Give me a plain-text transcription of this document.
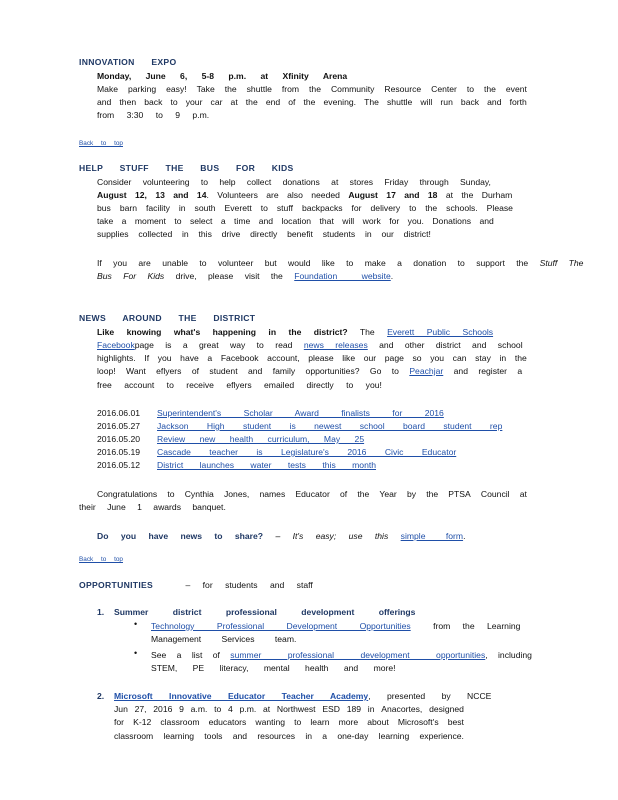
INNOVATION EXPO
Monday, June 6, 5-8 p.m. at Xfinity Arena
Make parking easy! Take the shuttle from the Community Resource Center to the event
and then back to your car at the end of the evening. The shuttle will run back and forth
from 3:30 to 9 p.m.
Back to top
HELP STUFF THE BUS FOR KIDS
Consider volunteering to help collect donations at stores Friday through Sunday,
August 12, 13 and 14. Volunteers are also needed August 17 and 18 at the Durham
bus barn facility in south Everett to stuff backpacks for delivery to the schools. Please
take a moment to select a time and location that will work for you. Donations and
supplies collected in this drive directly benefit students in our district!
If you are unable to volunteer but would like to make a donation to support the Stuff The
Bus For Kids drive, please visit the Foundation website.
NEWS AROUND THE DISTRICT
Like knowing what's happening in the district? The Everett Public Schools
Facebookpage is a great way to read news releases and other district and school
highlights. If you have a Facebook account, please like our page so you can stay in the
loop! Want eflyers of student and family opportunities? Go to Peachjar and register a
free account to receive eflyers emailed directly to you!
2016.06.01 Superintendent's Scholar Award finalists for 2016
2016.05.27 Jackson High student is newest school board student rep
2016.05.20 Review new health curriculum, May 25
2016.05.19 Cascade teacher is Legislature's 2016 Civic Educator
2016.05.12 District launches water tests this month
Congratulations to Cynthia Jones, names Educator of the Year by the PTSA Council at
their June 1 awards banquet.
Do you have news to share? – It's easy; use this simple form.
Back to top
OPPORTUNITIES	– for students and staff
1. Summer district professional development offerings
• Technology Professional Development Opportunities	from the Learning
Management Services team.
• See a list of summer professional development opportunities, including
STEM, PE literacy, mental health and more!
2. Microsoft Innovative Educator Teacher Academy, presented by NCCE
Jun 27, 2016 9 a.m. to 4 p.m. at Northwest ESD 189 in Anacortes, designed
for K-12 classroom educators wanting to learn more about Microsoft's best
classroom learning tools and resources in a one-day learning experience.
